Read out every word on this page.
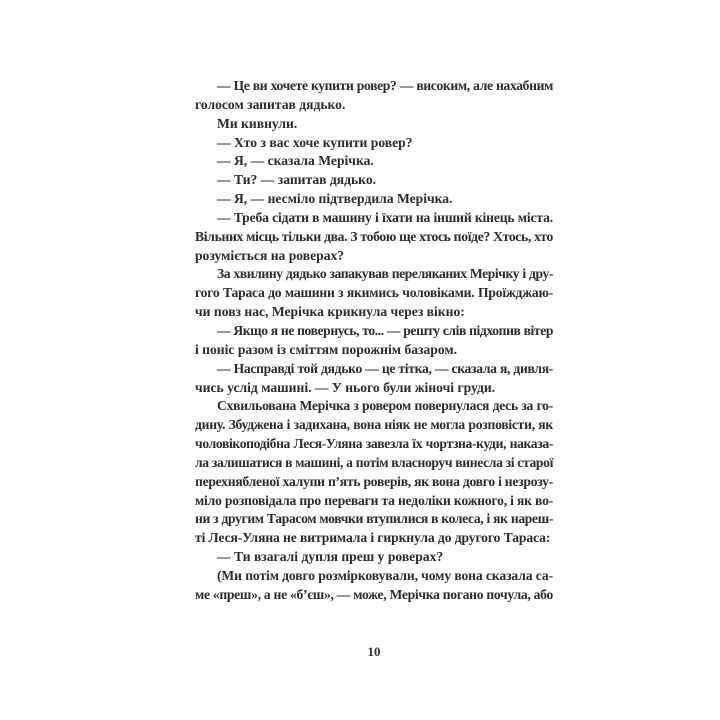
— Це ви хочете купити ровер? — високим, але нахабним
голосом запитав дядько.
Ми кивнули.
— Хто з вас хоче купити ровер?
— Я, — сказала Мерічка.
— Ти? — запитав дядько.
— Я, — несміло підтвердила Мерічка.
— Треба сідати в машину і їхати на інший кінець міста.
Вільних місць тільки два. З тобою ще хтось поїде? Хтось, хто
розуміється на роверах?
За хвилину дядько запакував переляканих Мерічку і дру-
гого Тараса до машини з якимись чоловіками. Проїжджаю-
чи повз нас, Мерічка крикнула через вікно:
— Якщо я не повернусь, то... — решту слів підхопив вітер
і поніс разом із сміттям порожнім базаром.
— Насправді той дядько — це тітка, — сказала я, дивля-
чись услід машині. — У нього були жіночі груди.
Схвильована Мерічка з ровером повернулася десь за го-
дину. Збуджена і задихана, вона ніяк не могла розповісти, як
чоловікоподібна Леся-Уляна завезла їх чортзна-куди, наказа-
ла залишатися в машині, а потім власноруч винесла зі старої
перехнябленої халупи п’ять роверів, як вона довго і незрозу-
міло розповідала про переваги та недоліки кожного, і як во-
ни з другим Тарасом мовчки втупилися в колеса, і як нареш-
ті Леся-Уляна не витримала і гиркнула до другого Тараса:
— Ти взагалі дупля преш у роверах?
(Ми потім довго розмірковували, чому вона сказала са-
ме «преш», а не «б’єш», — може, Мерічка погано почула, або
10
